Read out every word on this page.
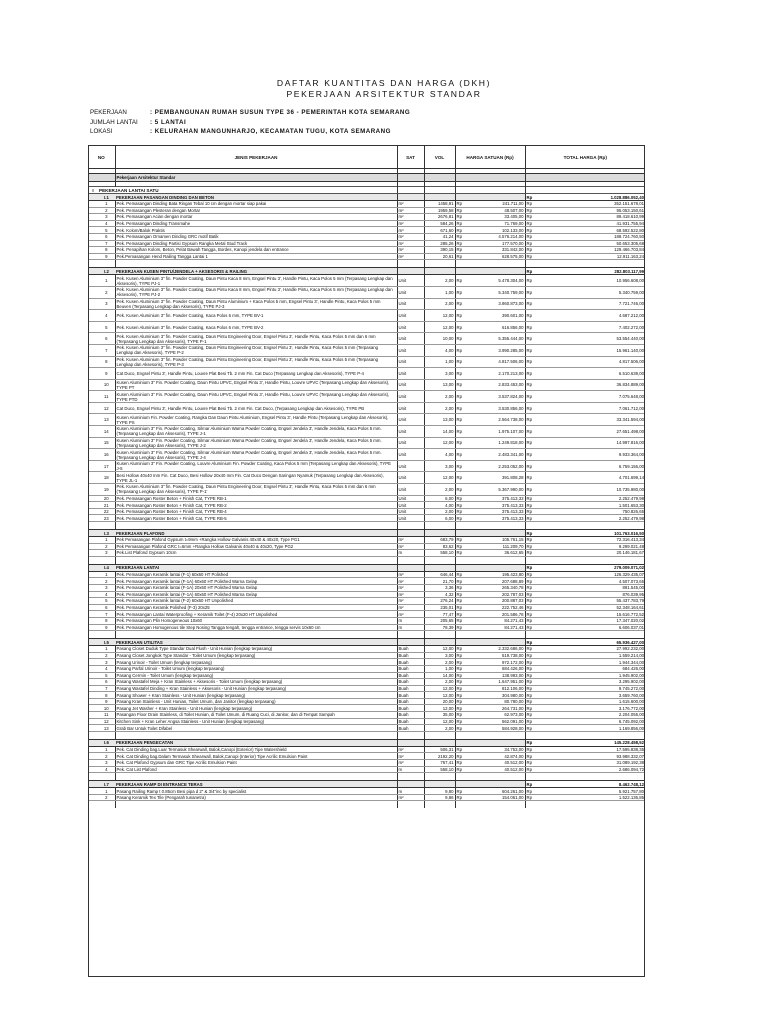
DAFTAR KUANTITAS DAN HARGA (DKH)
PEKERJAAN ARSITEKTUR STANDAR
PEKERJAAN	: PEMBANGUNAN RUMAH SUSUN TYPE 36 - PEMERINTAH KOTA SEMARANG
JUMLAH LANTAI	: 5 LANTAI
LOKASI	: KELURAHAN MANGUNHARJO, KECAMATAN TUGU, KOTA SEMARANG
NO		JENIS PEKERJAAN	SAT	VOL	HARGA SATUAN (Rp)		TOTAL HARGA (Rp)	

		Pekerjaan Arsitektur Standar						

I	PEKERJAAN LANTAI SATU							
	I.1	PEKERJAAN PASANGAN DINDING DAN BETON					Rp	1.028.886.052,40
	1	Pek. Pemasangan Dinding Bata Ringan Tebal 10 cm dengan mortar siap pakai	m²	1458,91	Rp	241.711,00	Rp	352.151.678,01
	2	Pek. Pemasangan Plesteran dengan Mortar	m²	1959,58	Rp	48.507,00	Rp	95.053.150,61
	3	Pek. Pemasangan Acian dengan mortar	m²	2676,81	Rp	33.405,00	Rp	89.418.610,99
	4	Pek. Pemasangan Dinding Transmahe	m²	584,26	Rp	71.769,00	Rp	41.931.755,94
	5	Pek. Kolom/Balok Praktis	m³	671,60	Rp	102.133,00	Rp	68.592.522,80
	6	Pek. Pemasangan Ornamen Dinding GRC motif Batik	m²	41,24	Rp	4.576.214,00	Rp	188.724.760,50
	7	Pek. Pemasangan Dinding Partisi Gypsum Rangka Metal Stud Track	m²	285,26	Rp	177.570,00	Rp	50.653.305,68
	8	Pek. Penapihan Kolom, Beton, Pelat Bawah Tangga, Bordes, Kanopi jendela dan entrance	m²	390,15	Rp	331.842,00	Rp	129.466.703,84
	9	Pek.Pemasangan Hend Railing Tangga Lantai 1	m²	20,61	Rp	628.575,00	Rp	12.911.163,24

	I.2	PEKERJAAN KUSEN PINTU/JENDELA + AKSESORIS & RAILING					Rp	282.803.117,99
	1	Pek. Kusen Aluminium 3" fin. Powder Coating, Daun Pintu Kaca 8 mm, Engsel Pintu 3', Handle Pintu, Kaca Polos 5 mm (Terpasang Lengkap dan Aksesoris), TYPE PJ-1	Unit	2,00	Rp	5.478.304,00	Rp	10.956.608,00
	2	Pek. Kusen Aluminium 3" fin. Powder Coating, Daun Pintu Kaca 8 mm, Engsel Pintu 3', Handle Pintu, Kaca Polos 5 mm (Terpasang Lengkap dan Aksesoris), TYPE PJ-2	Unit	1,00	Rp	5.340.759,00	Rp	5.340.759,00
	3	Pek. Kusen Aluminium 3" fin. Powder Coating, Daun Pintu Aluminium + Kaca Polos 5 mm, Engsel Pintu 3', Handle Pintu, Kaca Polos 5 mm Beuven (Terpasang Lengkap dan Aksesoris), TYPE PJ-3	Unit	2,00	Rp	3.860.873,00	Rp	7.721.746,00
	4	Pek. Kusen Aluminium 3" fin. Powder Coating, Kaca Polos 6 mm, TYPE BV-1	Unit	12,00	Rp	390.601,00	Rp	4.687.212,00
	5	Pek. Kusen Aluminium 3" fin. Powder Coating, Kaca Polos 6 mm, TYPE BV-2	Unit	12,00	Rp	616.856,00	Rp	7.402.272,00
	6	Pek. Kusen Aluminium 3" fin. Powder Coating, Daun Pintu Engineering Door, Engsel Pintu 3', Handle Pintu, Kaca Polos 5 mm dan 6 mm (Terpasang Lengkap dan Aksesoris), TYPE P-1	Unit	10,00	Rp	5.355.444,00	Rp	53.554.440,00
	7	Pek. Kusen Aluminium 3" fin. Powder Coating, Daun Pintu Engineering Door, Engsel Pintu 3', Handle Pintu, Kaca Polos 5 mm (Terpasang Lengkap dan Aksesoris), TYPE P-2	Unit	4,00	Rp	3.990.285,00	Rp	15.961.140,00
	8	Pek. Kusen Aluminium 3" fin. Powder Coating, Daun Pintu Engineering Door, Engsel Pintu 3', Handle Pintu, Kaca Polos 5 mm (Terpasang Lengkap dan Aksesoris), TYPE P-3	Unit	1,00	Rp	4.817.506,00	Rp	4.817.506,00
	9	Cat Duco, Engsel Pintu 3', Handle Pintu, Louvre Plat Besi Tb. 2 mm Fin. Cat Duco (Terpasang Lengkap dan Aksesoris), TYPE P-4	Unit	3,00	Rp	2.170.213,00	Rp	6.510.639,00
	10	Kusen Aluminium 3" Fin. Powder Coating, Daun Pintu UPVC, Engsel Pintu 3', Handle Pintu, Louvre UPVC (Terpasang Lengkap dan Aksesoris), TYPE PT	Unit	13,00	Rp	2.833.453,00	Rp	36.834.889,00
	11	Kusen Aluminium 3" Fin. Powder Coating, Daun Pintu UPVC, Engsel Pintu 3', Handle Pintu, Louvre UPVC (Terpasang Lengkap dan Aksesoris), TYPE PTD	Unit	2,00	Rp	3.537.824,00	Rp	7.075.648,00
	12	Cat Duco, Engsel Pintu 3', Handle Pintu, Louvre Plat Besi Tb. 2 mm Fin. Cat Duco, (Terpasang Lengkap dan Aksesoris), TYPE PB	Unit	2,00	Rp	3.530.856,00	Rp	7.061.712,00
	13	Kusen Aluminium Fin. Powder Coating, Rangka Dan Daun Pintu Aluminium, Engsel Pintu 3', Handle Pintu (Terpasang Lengkap dan Aksesoris), TYPE PS	Unit	13,00	Rp	2.564.738,00	Rp	33.341.594,00
	14	Kusen Aluminium 3" Fin. Powder Coating, Silmar Aluminium Warna Powder Coating, Engsel Jendela 3', Handle Jendela, Kaca Polos 5 mm. (Terpasang Lengkap dan Aksesoris), TYPE J-1	Unit	14,00	Rp	1.975.107,00	Rp	27.651.498,00
	15	Kusen Aluminium 3" Fin. Powder Coating, Silmar Aluminium Warna Powder Coating, Engsel Jendela 3', Handle Jendela, Kaca Polos 5 mm. (Terpasang Lengkap dan Aksesoris), TYPE J-2	Unit	12,00	Rp	1.249.818,00	Rp	14.997.816,00
	16	Kusen Aluminium 3" Fin. Powder Coating, Silmar Aluminium Warna Powder Coating, Engsel Jendela 3', Handle Jendela, Kaca Polos 5 mm. (Terpasang Lengkap dan Aksesoris), TYPE J-4	Unit	4,00	Rp	2.483.341,00	Rp	9.933.364,00
	17	Kusen Aluminium 3" Fin. Powder Coating, Louvre Aluminium Fin. Powder Coating, Kaca Polos 5 mm (Terpasang Lengkap dan Aksesoris), TYPE J-5	Unit	3,00	Rp	2.253.052,00	Rp	6.759.156,00
	18	Besi Hollow 40x40 mm Fin. Cat Duco, Besi Hollow 20x40 mm Fin. Cat Duco Dengan Saringan Nyamuk (Terpasang Lengkap dan Aksesoris), TYPE JL-1	Unit	12,00	Rp	391.808,28	Rp	4.701.699,14
	19	Pek. Kusen Aluminium 3" fin. Powder Coating, Daun Pintu Engineering Door, Engsel Pintu 3', Handle Pintu, Kaca Polos 5 mm dan 6 mm (Terpasang Lengkap dan Aksesoris), TYPE P-1'	Unit	2,00	Rp	5.367.990,00	Rp	10.735.980,00
	20	Pek. Pemasangan Roster Beton + Finish Cat, TYPE RB-1	Unit	6,00	Rp	375.413,33	Rp	2.252.479,98
	21	Pek. Pemasangan Roster Beton + Finish Cat, TYPE RB-2	Unit	4,00	Rp	375.413,33	Rp	1.501.653,30
	22	Pek. Pemasangan Roster Beton + Finish Cat, TYPE RB-4	Unit	2,00	Rp	375.413,33	Rp	750.826,65
	23	Pek. Pemasangan Roster Beton + Finish Cat, TYPE RB-5	Unit	6,00	Rp	375.413,33	Rp	2.252.479,98

	I.3	PEKERJAAN PLAFOND					Rp	101.763.016,50
	1	Pek Pemasangan Plafond Gypsum t=9mm +Rangka Hollow Galvanis 40x40 & 40x20, Type PG1	m²	683,79	Rp	105.761,15	Rp	72.316.413,34
	2	Pek Pemasangan Plafond GRC t=6mm +Rangka Hollow Galvanis 40x40 & 40x20, Type PG2	m²	83,62	Rp	111.209,70	Rp	9.299.021,48
	3	Pek.List Plafond Gypsum 10cm	m	558,10	Rp	36.612,65	Rp	20.146.181,67

	I.4	PEKERJAAN LANTAI					Rp	279.009.071,02
	1	Pek. Pemasangan Keramik lantai (F-1) 60x60 HT Polished	m²	646,44	Rp	195.423,80	Rp	126.329.435,07
	2	Pek. Pemasangan Keramik lantai (F-1A) 60x60 HT Polished Warna Gelap	m²	21,70	Rp	207.688,89	Rp	4.507.073,65
	3	Pek. Pemasangan Keramik lantai (F-1A) 20x60 HT Polished Warna Gelap	m²	3,36	Rp	265.340,78	Rp	891.545,00
	4	Pek. Pemasangan Keramik lantai (F-1A) 60x60 HT Polished Warna Gelap	m²	4,32	Rp	202.787,03	Rp	876.039,95
	5	Pek. Pemasangan Keramik lantai (F-2) 60x60 HT Unpolished	m²	276,24	Rp	200.887,03	Rp	55.437.783,79
	6	Pek. Pemasangan Keramik Polished (F-3) 20x25	m²	235,01	Rp	222.752,46	Rp	52.348.164,61
	7	Pek. Pemasangan Lantai Waterproofing + Keramik Toilet (F-4) 20x20 HT Unpolished	m²	77,47	Rp	201.586,78	Rp	15.616.772,52
	8	Pek. Pemasangan Plin Homogeneous 10x60	m	205,65	Rp	84.271,43	Rp	17.347.020,02
	9	Pek. Pemasangan Homogenous tile Step Nosing Tangga tengah, tengga entrance, tengga servis 10x60 cm	m	78,39	Rp	84.271,43	Rp	6.606.037,01

	I.5	PEKERJAAN UTILITAS					Rp	65.936.427,00
	1	Pasang Closet Duduk Type Standar Dual Flush - Unit Hunian (lengkap terpasang)	Buah	12,00	Rp	2.332.686,00	Rp	27.992.232,00
	2	Pasang Closet Jongkok Type Standar - Toilet Umum (lengkap terpasang)	Buah	3,00	Rp	519.738,00	Rp	1.559.214,00
	3	Pasang Urinoir - Toilet Umum (lengkap terpasang)	Buah	2,00	Rp	972.172,00	Rp	1.944.344,00
	4	Pasang Parfal Urinoir - Toilet Umum (lengkap terpasang)	Buah	1,00	Rp	684.426,00	Rp	684.426,00
	5	Pasang Cermin - Toilet Umum (lengkap terpasang)	Buah	14,00	Rp	138.993,00	Rp	1.945.902,00
	6	Pasang Wastafel Meja + Kran Stainless + Aksesoris - Toilet Umum (lengkap terpasang)	Buah	2,00	Rp	1.647.951,00	Rp	3.295.902,00
	7	Pasang Wastafel Dinding + Kran Stainless + Aksesoris - Unit Hunian (lengkap terpasang)	Buah	12,00	Rp	812.106,00	Rp	9.745.272,00
	8	Pasang Shower + Kran Stainless - Unit Hunian (lengkap terpasang)	Buah	12,00	Rp	304.980,00	Rp	3.659.760,00
	9	Pasang Kran Stainless - Unit Hunian, Toilet Umum, dan Janitor (lengkap terpasang)	Buah	20,00	Rp	80.780,00	Rp	1.615.600,00
	10	Pasang Jet Washer + Kran Stainless - Unit Hunian (lengkap terpasang)	Buah	12,00	Rp	264.731,00	Rp	3.176.772,00
	11	Pasangan Floor Drain Stainless, di Toilet Hunian, di Toilet Umum, di Ruang Cuci, di Janitor, dan di Tempat Sampah	Buah	35,00	Rp	62.973,00	Rp	2.204.055,00
	12	Kitchen Sink + Kran Leher Angsa Stainless - Unit Hunian (lengkap terpasang)	Buah	12,00	Rp	562.091,00	Rp	6.745.092,00
	13	Grab Bar Untuk Toilet Difabel	Buah	2,00	Rp	584.928,00	Rp	1.169.856,00

	I.6	PEKERJAAN PENGECATAN					Rp	145.228.458,52
	1	Pek. Cat Dinding bag.Luar Termasuk Shearwall, Balok,Canopi (Exterior) Tipe Watershield	m²	506,31	Rp	34.753,00	Rp	17.595.838,35
	2	Pek. Cat Dinding bag.Dalam Termasuk Shearwall, Balok,Canopi (Interior) Tipe Acrilic Emulsion Paint	m²	2192,20	Rp	42.874,00	Rp	93.988.332,07
	3	Pek. Cat Plafond Gypsum dan GRC Tipe Acrilic Emulsion Paint	m²	767,41	Rp	40.512,00	Rp	31.089.192,38
	4	Pek. Cat List Plafond	m	558,10	Rp	40.512,00	Rp	2.686.094,72

	I.7	PEKERJAAN RAMP DI ENTRANCE TERAS					Rp	8.462.748,12
	1	Pasang Railing Ramp t 0.85cm Besi pipa d 2" & 3/4"inc by specialist	m	9,80	Rp	604.261,00	Rp	5.921.757,80
	2	Pasang Keramik Tex Tile (Pengarah tunanetra)	m²	9,86	Rp	154.061,00	Rp	1.522.136,85
